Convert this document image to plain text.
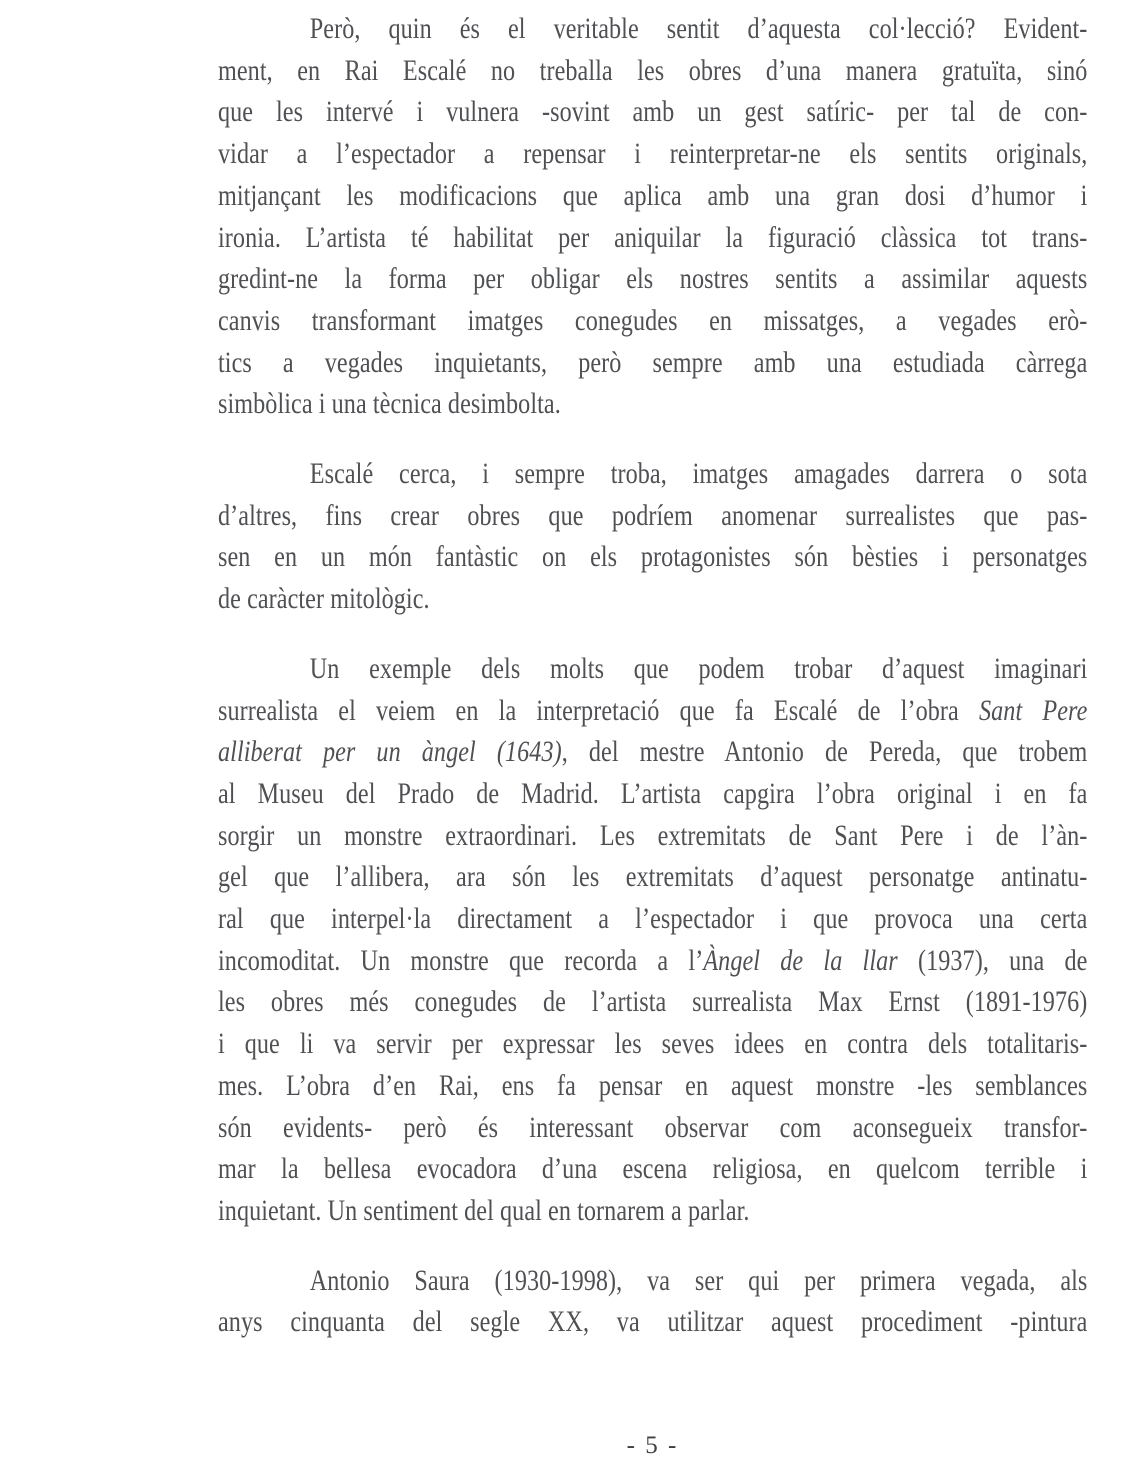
Però, quin és el veritable sentit d’aquesta col·lecció? Evident-
ment, en Rai Escalé no treballa les obres d’una manera gratuïta, sinó
que les intervé i vulnera -sovint amb un gest satíric- per tal de con-
vidar a l’espectador a repensar i reinterpretar-ne els sentits originals,
mitjançant les modificacions que aplica amb una gran dosi d’humor i
ironia. L’artista té habilitat per aniquilar la figuració clàssica tot trans-
gredint-ne la forma per obligar els nostres sentits a assimilar aquests
canvis transformant imatges conegudes en missatges, a vegades erò-
tics a vegades inquietants, però sempre amb una estudiada càrrega
simbòlica i una tècnica desimbolta.
Escalé cerca, i sempre troba, imatges amagades darrera o sota
d’altres, fins crear obres que podríem anomenar surrealistes que pas-
sen en un món fantàstic on els protagonistes són bèsties i personatges
de caràcter mitològic.
Un exemple dels molts que podem trobar d’aquest imaginari
surrealista el veiem en la interpretació que fa Escalé de l’obra Sant Pere
alliberat per un àngel (1643), del mestre Antonio de Pereda, que trobem
al Museu del Prado de Madrid. L’artista capgira l’obra original i en fa
sorgir un monstre extraordinari. Les extremitats de Sant Pere i de l’àn-
gel que l’allibera, ara són les extremitats d’aquest personatge antinatu-
ral que interpel·la directament a l’espectador i que provoca una certa
incomoditat. Un monstre que recorda a l’Àngel de la llar (1937), una de
les obres més conegudes de l’artista surrealista Max Ernst (1891-1976)
i que li va servir per expressar les seves idees en contra dels totalitaris-
mes. L’obra d’en Rai, ens fa pensar en aquest monstre -les semblances
són evidents- però és interessant observar com aconsegueix transfor-
mar la bellesa evocadora d’una escena religiosa, en quelcom terrible i
inquietant. Un sentiment del qual en tornarem a parlar.
Antonio Saura (1930-1998), va ser qui per primera vegada, als
anys cinquanta del segle XX, va utilitzar aquest procediment -pintura
- 5 -
